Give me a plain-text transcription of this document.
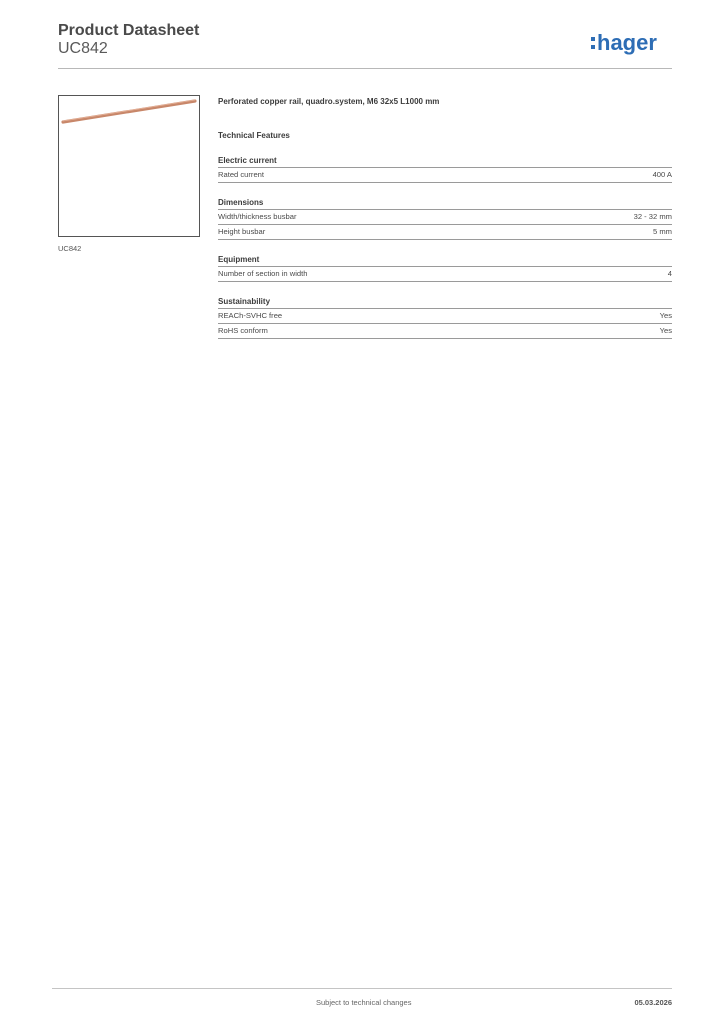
Product Datasheet
UC842	hager
UC842
Perforated copper rail, quadro.system, M6 32x5 L1000 mm
Technical Features
Electric current
Rated current	400 A
Dimensions
Width/thickness busbar	32 - 32 mm
Height busbar	5 mm
Equipment
Number of section in width	4
Sustainability
REACh-SVHC free	Yes
RoHS conform	Yes
Subject to technical changes	05.03.2026
